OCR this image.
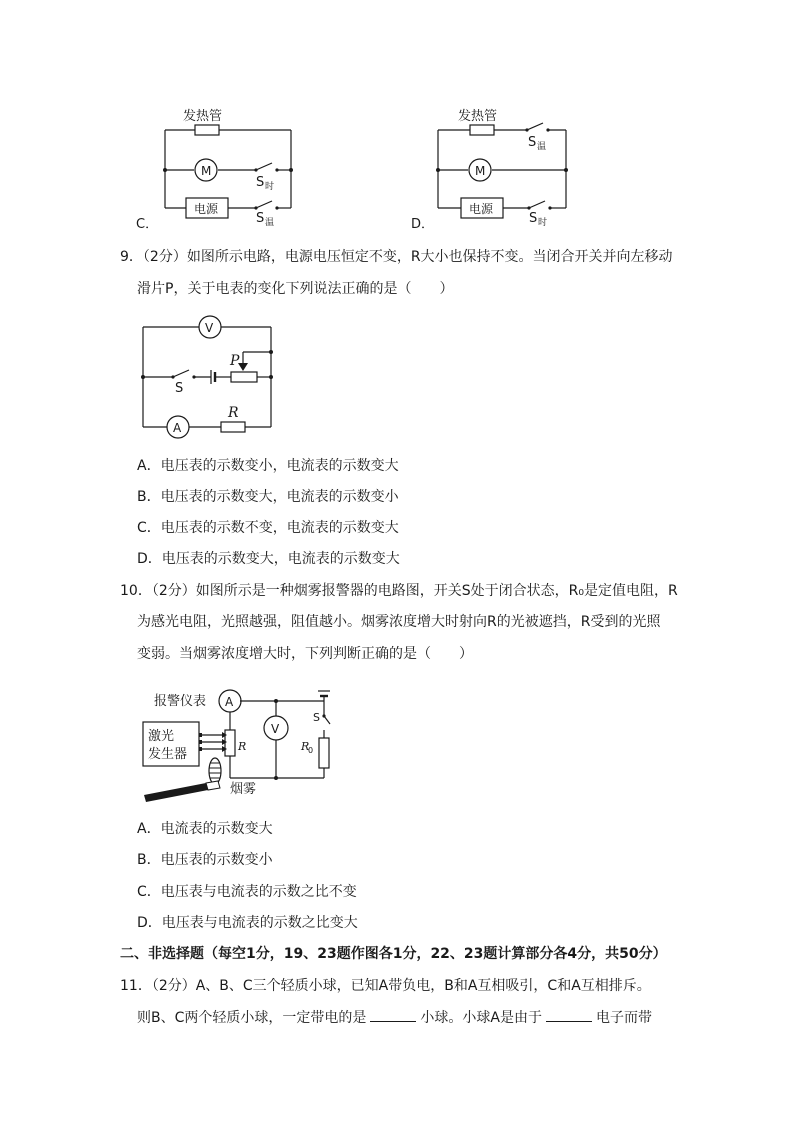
发热管
M
电源
S 时
S 温
C．
发热管
M
电源
S 温
S 时
D．
9．（2分）如图所示电路，电源电压恒定不变，R大小也保持不变。当闭合开关并向左移动
滑片P，关于电表的变化下列说法正确的是（　　）
V
A
P
S
R
A．电压表的示数变小，电流表的示数变大
B．电压表的示数变大，电流表的示数变小
C．电压表的示数不变，电流表的示数变大
D．电压表的示数变大，电流表的示数变大
10．（2分）如图所示是一种烟雾报警器的电路图，开关S处于闭合状态，R₀是定值电阻，R
为感光电阻，光照越强，阻值越小。烟雾浓度增大时射向R的光被遮挡，R受到的光照
变弱。当烟雾浓度增大时，下列判断正确的是（　　）
报警仪表 A
V
S
激光
发生器
R	R
0
烟雾
A．电流表的示数变大
B．电压表的示数变小
C．电压表与电流表的示数之比不变
D．电压表与电流表的示数之比变大
二、非选择题（每空1分，19、23题作图各1分，22、23题计算部分各4分，共50分）
11．（2分）A、B、C三个轻质小球，已知A带负电，B和A互相吸引，C和A互相排斥。
则B、C两个轻质小球，一定带电的是	小球。小球A是由于	电子而带
